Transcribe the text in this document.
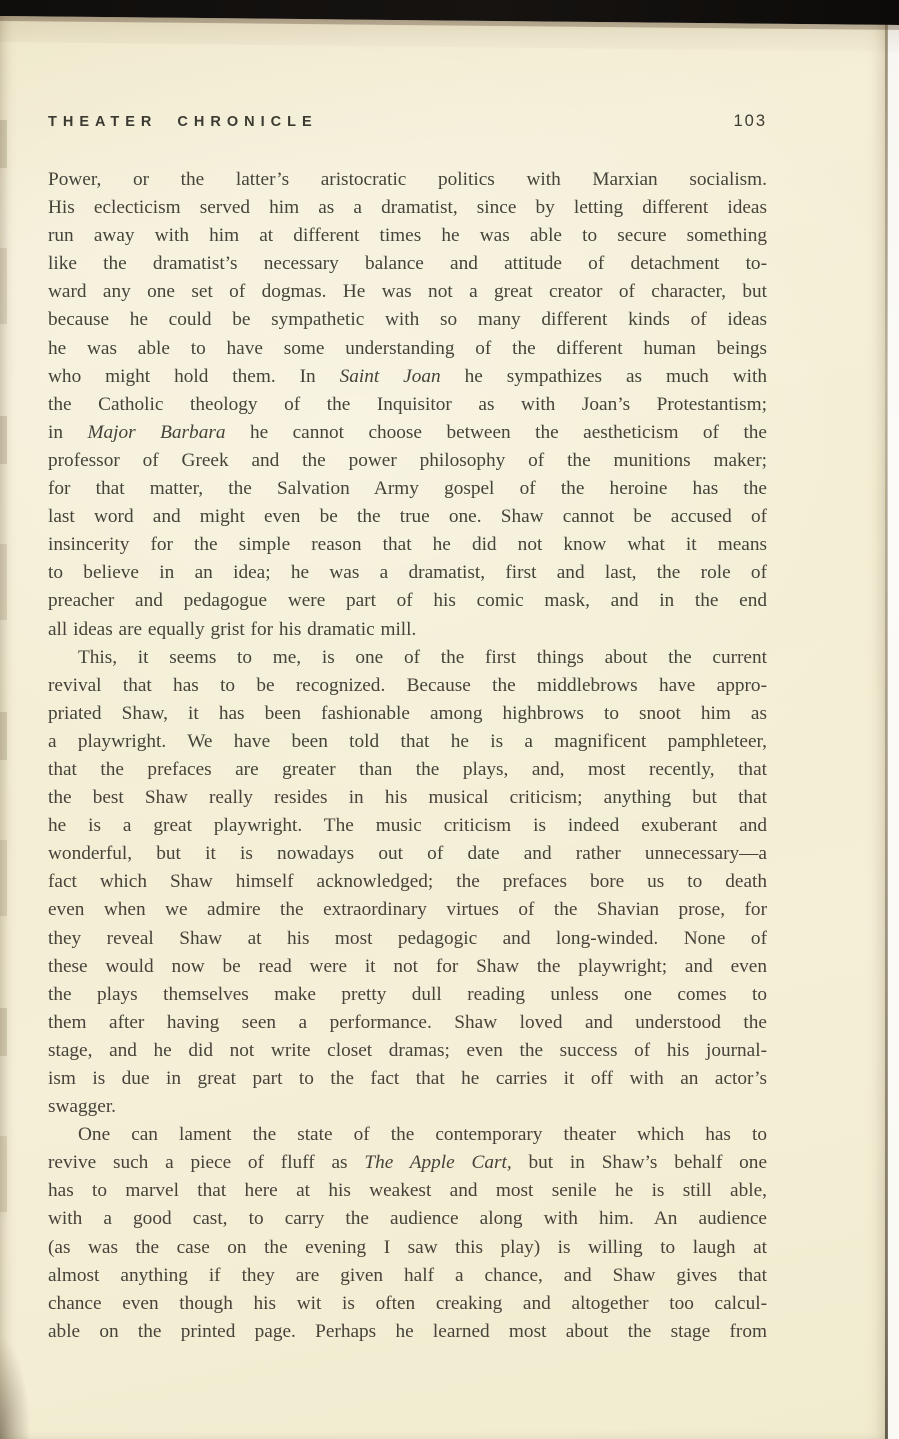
THEATER CHRONICLE	103
Power, or the latter’s aristocratic politics with Marxian socialism.
His eclecticism served him as a dramatist, since by letting different ideas
run away with him at different times he was able to secure something
like the dramatist’s necessary balance and attitude of detachment to-
ward any one set of dogmas. He was not a great creator of character, but
because he could be sympathetic with so many different kinds of ideas
he was able to have some understanding of the different human beings
who might hold them. In Saint Joan he sympathizes as much with
the Catholic theology of the Inquisitor as with Joan’s Protestantism;
in Major Barbara he cannot choose between the aestheticism of the
professor of Greek and the power philosophy of the munitions maker;
for that matter, the Salvation Army gospel of the heroine has the
last word and might even be the true one. Shaw cannot be accused of
insincerity for the simple reason that he did not know what it means
to believe in an idea; he was a dramatist, first and last, the role of
preacher and pedagogue were part of his comic mask, and in the end
all ideas are equally grist for his dramatic mill.
This, it seems to me, is one of the first things about the current
revival that has to be recognized. Because the middlebrows have appro-
priated Shaw, it has been fashionable among highbrows to snoot him as
a playwright. We have been told that he is a magnificent pamphleteer,
that the prefaces are greater than the plays, and, most recently, that
the best Shaw really resides in his musical criticism; anything but that
he is a great playwright. The music criticism is indeed exuberant and
wonderful, but it is nowadays out of date and rather unnecessary—a
fact which Shaw himself acknowledged; the prefaces bore us to death
even when we admire the extraordinary virtues of the Shavian prose, for
they reveal Shaw at his most pedagogic and long-winded. None of
these would now be read were it not for Shaw the playwright; and even
the plays themselves make pretty dull reading unless one comes to
them after having seen a performance. Shaw loved and understood the
stage, and he did not write closet dramas; even the success of his journal-
ism is due in great part to the fact that he carries it off with an actor’s
swagger.
One can lament the state of the contemporary theater which has to
revive such a piece of fluff as The Apple Cart, but in Shaw’s behalf one
has to marvel that here at his weakest and most senile he is still able,
with a good cast, to carry the audience along with him. An audience
(as was the case on the evening I saw this play) is willing to laugh at
almost anything if they are given half a chance, and Shaw gives that
chance even though his wit is often creaking and altogether too calcul-
able on the printed page. Perhaps he learned most about the stage from
